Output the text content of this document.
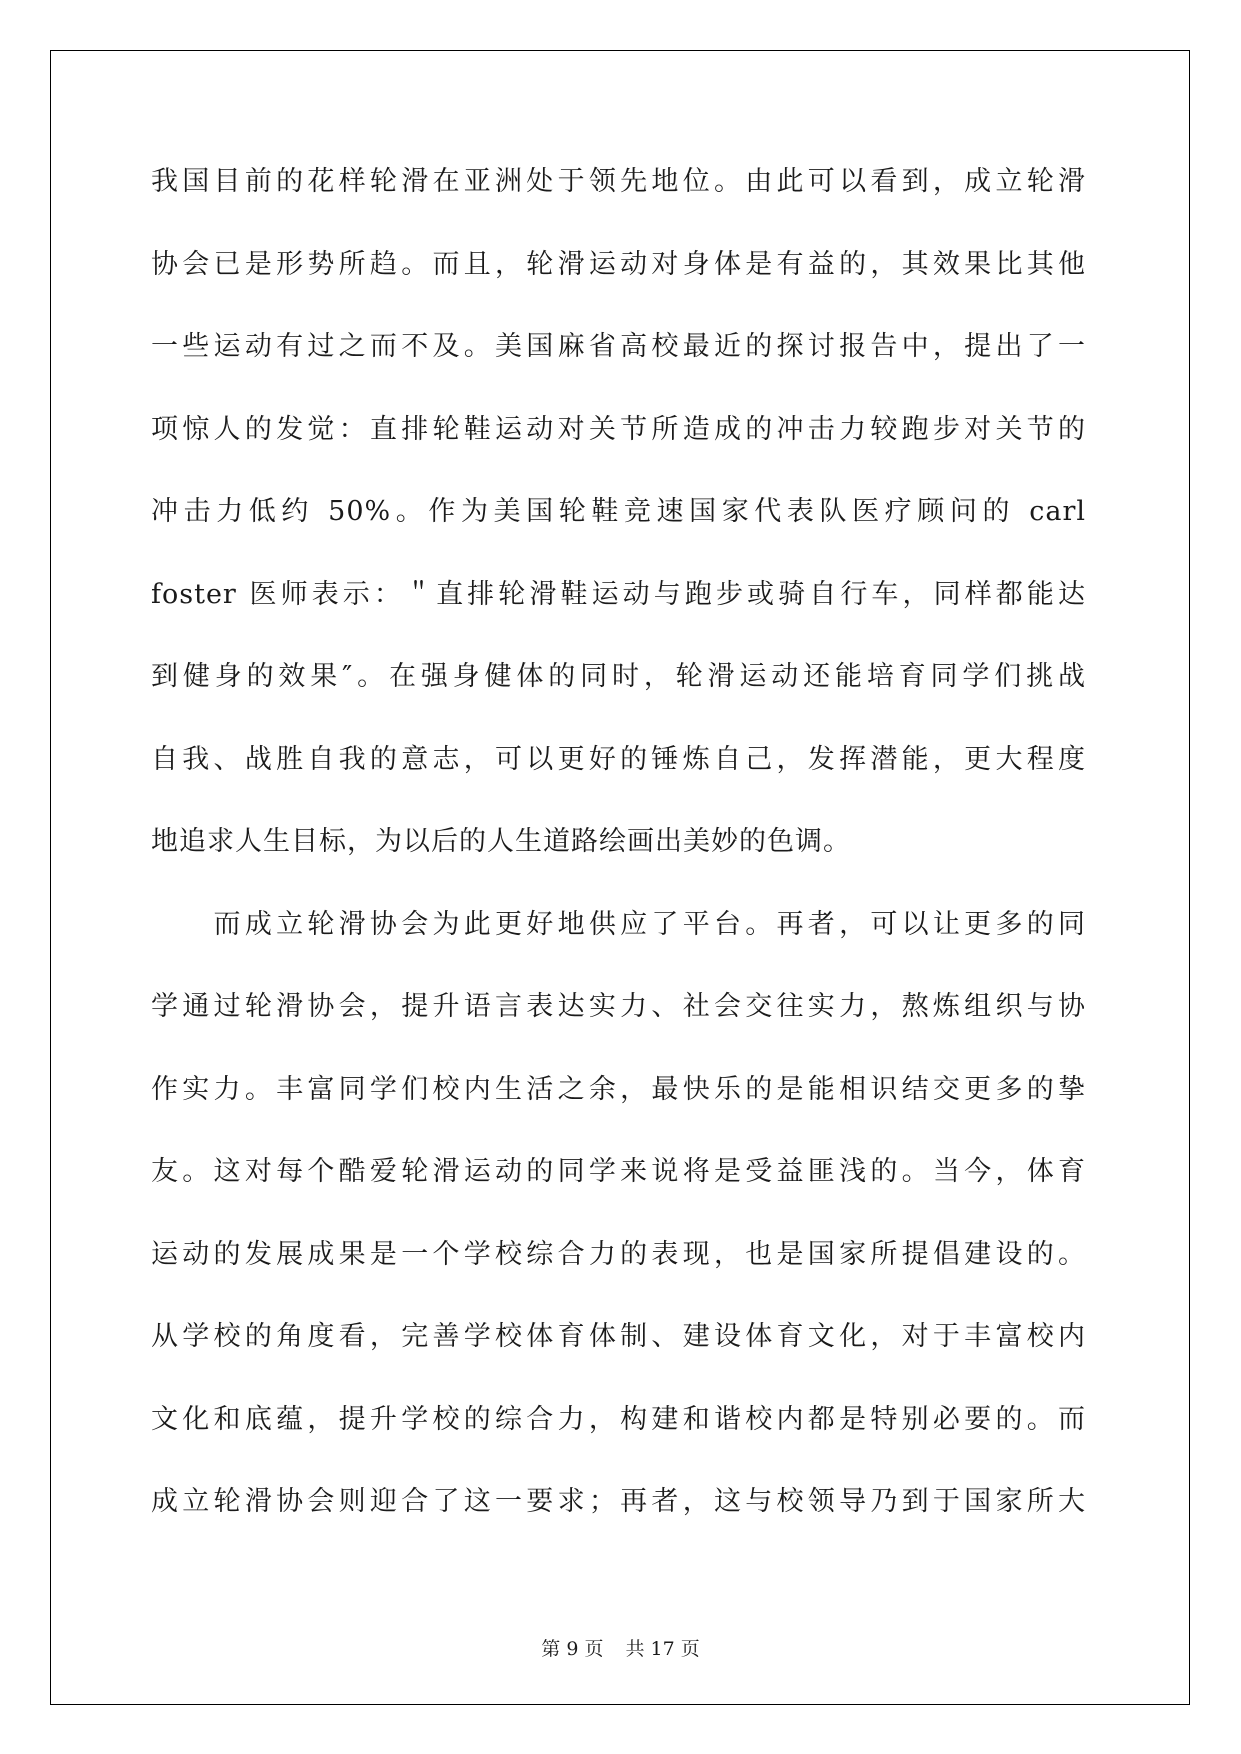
我国目前的花样轮滑在亚洲处于领先地位。由此可以看到，成立轮滑
协会已是形势所趋。而且，轮滑运动对身体是有益的，其效果比其他
一些运动有过之而不及。美国麻省高校最近的探讨报告中，提出了一
项惊人的发觉：直排轮鞋运动对关节所造成的冲击力较跑步对关节的
冲击力低约 50%。作为美国轮鞋竞速国家代表队医疗顾问的 carl
foster 医师表示：＂直排轮滑鞋运动与跑步或骑自行车，同样都能达
到健身的效果″。在强身健体的同时，轮滑运动还能培育同学们挑战
自我、战胜自我的意志，可以更好的锤炼自己，发挥潜能，更大程度
地追求人生目标，为以后的人生道路绘画出美妙的色调。
　　而成立轮滑协会为此更好地供应了平台。再者，可以让更多的同
学通过轮滑协会，提升语言表达实力、社会交往实力，熬炼组织与协
作实力。丰富同学们校内生活之余，最快乐的是能相识结交更多的挚
友。这对每个酷爱轮滑运动的同学来说将是受益匪浅的。当今，体育
运动的发展成果是一个学校综合力的表现，也是国家所提倡建设的。
从学校的角度看，完善学校体育体制、建设体育文化，对于丰富校内
文化和底蕴，提升学校的综合力，构建和谐校内都是特别必要的。而
成立轮滑协会则迎合了这一要求；再者，这与校领导乃到于国家所大
第 9 页 共 17 页
